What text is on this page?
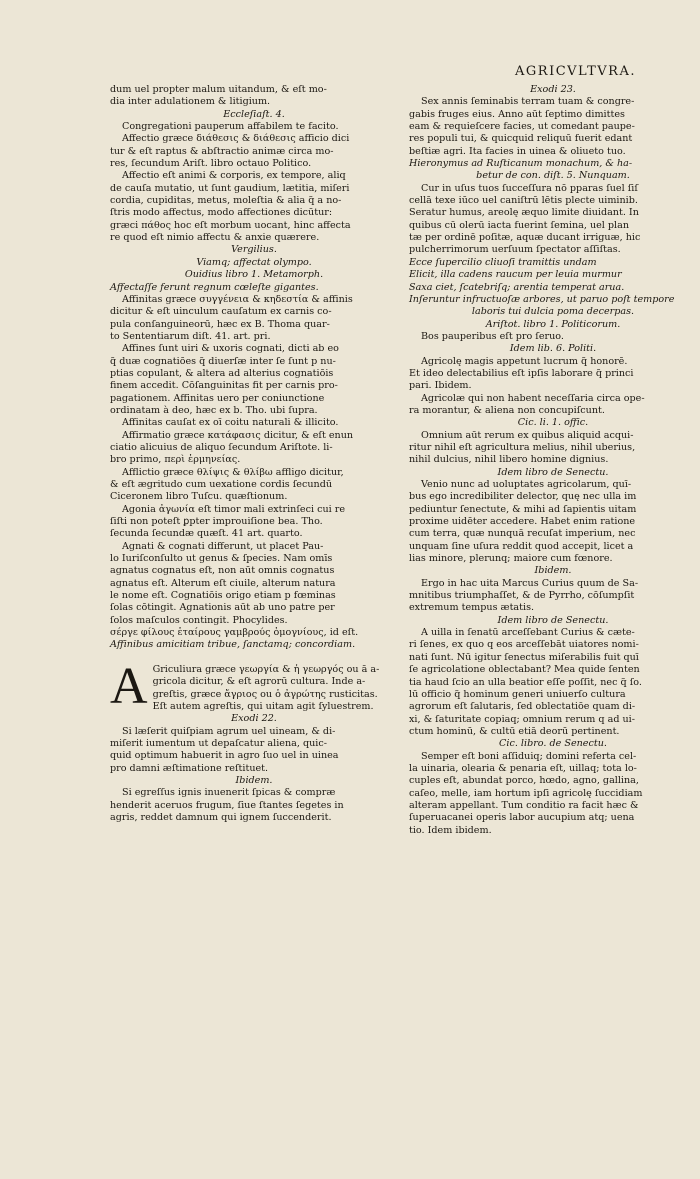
AGRICVLTVRA.

dum uel propter malum uitandum, & eſt mo-

dia inter adulationem & litigium.

Eccleſiaſt. 4.

Congregationi pauperum affabilem te facito.

Affectio græce διάθεσις & διάθεσις afficio dici

tur & eſt raptus & abſtractio animæ circa mo-

res, ſecundum Ariſt. libro octauo Politico.

Affectio eſt animi & corporis, ex tempore, aliq

de cauſa mutatio, ut ſunt gaudium, lætitia, miſeri

cordia, cupiditas, metus, moleſtia & alia q̃ a no-

ſtris modo affectus, modo affectiones dicūtur:

græci πάθος hoc eſt morbum uocant, hinc affecta

re quod eſt nimio affectu & anxie quærere.

Vergilius.

Viamq; affectat olympo.

Ouidius libro 1. Metamorph.

Affectaſſe ferunt regnum cœleſte gigantes.

Affinitas græce συγγένεια & κηδεστία & affinis

dicitur & eſt uinculum cauſatum ex carnis co-

pula conſanguineorū, hæc ex B. Thoma quar-

to Sententiarum diſt. 41. art. pri.

Affines ſunt uiri & uxoris cognati, dicti ab eo

q̃ duæ cognatiōes q̃ diuerſæ inter ſe ſunt p nu-

ptias copulant, & altera ad alterius cognatiōis

finem accedit. Cōſanguinitas fit per carnis pro-

pagationem. Affinitas uero per coniunctione

ordinatam à deo, hæc ex b. Tho. ubi ſupra.

Affinitas cauſat ex oī coitu naturali & illicito.

Affirmatio græce κατάφασις dicitur, & eſt enun

ciatio alicuius de aliquo ſecundum Ariſtote. li-

bro primo, περὶ ἑρμηνείας.

Afflictio græce θλίψις & θλίβω affligo dicitur,

& eſt ægritudo cum uexatione cordis ſecundū

Ciceronem libro Tuſcu. quæſtionum.

Agonia ἀγωνία eſt timor mali extrinſeci cui re

ſiſti non poteſt ꝑpter improuiſione bea. Tho.

ſecunda ſecundæ quæſt. 41 art. quarto.

Agnati & cognati differunt, ut placet Pau-

lo Iuriſconſulto ut genus & ſpecies. Nam omīs

agnatus cognatus eſt, non aūt omnis cognatus

agnatus eſt. Alterum eſt ciuile, alterum natura

le nome eſt. Cognatiōis origo etiam p fœminas

ſolas cōtingit. Agnationis aūt ab uno patre per

ſolos maſculos contingit. Phocylides.

σέργε φίλους ἑταίρους γαμβρούς ὁμογνίους, id eſt.

Affinibus amicitiam tribue, ſanctamq; concordiam.

A Griculiura græce γεωργία & ἡ γεωργός ou ā a-

gricola dicitur, & eſt agrorū cultura. Inde a-

greſtis, græce ἄγριος ou ὁ ἀγρώτης rusticitas.

Eſt autem agreſtis, qui uitam agit ſyluestrem.

Exodi 22.

Si læſerit quiſpiam agrum uel uineam, & di-

miſerit iumentum ut depaſcatur aliena, quic-

quid optimum habuerit in agro ſuo uel in uinea

pro damni æſtimatione reſtituet.

Ibidem.

Si egreſſus ignis inuenerit ſpicas & compræ

henderit aceruos frugum, ſiue ſtantes ſegetes in

agris, reddet damnum qui ignem ſuccenderit.

Exodi 23.

Sex annis ſeminabis terram tuam & congre-

gabis fruges eius. Anno aūt ſeptimo dimittes

eam & requieſcere facies, ut comedant paupe-

res populi tui, & quicquid reliquū fuerit edant

beſtiæ agri. Ita facies in uinea & oliueto tuo.

Hieronymus ad Ruſticanum monachum, & ha-

betur de con. diſt. 5. Nunquam.

Cur in uſus tuos ſucceſſura nō pparas ſuel ſiſ

cellā texe iūco uel caniſtrū lētis plecte uiminib.

Seratur humus, areolę æquo limite diuidant. In

quibus cū olerū iacta fuerint ſemina, uel plan

tæ per ordinē poſitæ, aquæ ducant irriguæ, hic

pulcherrimorum uerſuum ſpectator aſſiſtas.

Ecce ſupercilio cliuoſi tramittis undam

Elicit, illa cadens raucum per leuia murmur

Saxa ciet, ſcatebriſq; arentia temperat arua.

Inſeruntur infructuoſæ arbores, ut paruo poſt tempore

laboris tui dulcia poma decerpas.

Ariſtot. libro 1. Politicorum.

Bos pauperibus eſt pro ſeruo.

Idem lib. 6. Politi.

Agricolę magis appetunt lucrum q̃ honorē.

Et ideo delectabilius eſt ipſis laborare q̃ princi

pari. Ibidem.

Agricolæ qui non habent neceſſaria circa ope-

ra morantur, & aliena non concupiſcunt.

Cic. li. 1. offic.

Omnium aūt rerum ex quibus aliquid acqui-

ritur nihil eſt agricultura melius, nihil uberius,

nihil dulcius, nihil libero homine dignius.

Idem libro de Senectu.

Venio nunc ad uoluptates agricolarum, quī-

bus ego incredibiliter delector, quę nec ulla im

pediuntur ſenectute, & mihi ad ſapientis uitam

proxime uidēter accedere. Habet enim ratione

cum terra, quæ nunquā recuſat imperium, nec

unquam ſine uſura reddit quod accepit, licet a

lias minore, plerunq; maiore cum fœnore.

Ibidem.

Ergo in hac uita Marcus Curius quum de Sa-

mnitibus triumphaſſet, & de Pyrrho, cōſumpſit

extremum tempus ætatis.

Idem libro de Senectu.

A uilla in ſenatū arceſſebant Curius & cæte-

ri ſenes, ex quo q eos arceſſebāt uiatores nomi-

nati ſunt. Nū igitur ſenectus miſerabilis fuit quī

ſe agricolatione oblectabant? Mea quide ſenten

tia haud ſcio an ulla beatior eſſe poſſit, nec q̃ ſo.

lū officio q̃ hominum generi uniuerſo cultura

agrorum eſt ſalutaris, ſed oblectatiōe quam di-

xi, & ſaturitate copiaq; omnium rerum q ad ui-

ctum hominū, & cultū etiā deorū pertinent.

Cic. libro. de Senectu.

Semper eſt boni aſſiduiq; domini referta cel-

la uinaria, olearia & penaria eſt, uillaq; tota lo-

cuples eſt, abundat porco, hœdo, agno, gallina,

caſeo, melle, iam hortum ipſi agricolę ſuccidiam

alteram appellant. Tum conditio ra facit hæc &

ſuperuacanei operis labor aucupium atq; uena

tio. Idem ibidem.
